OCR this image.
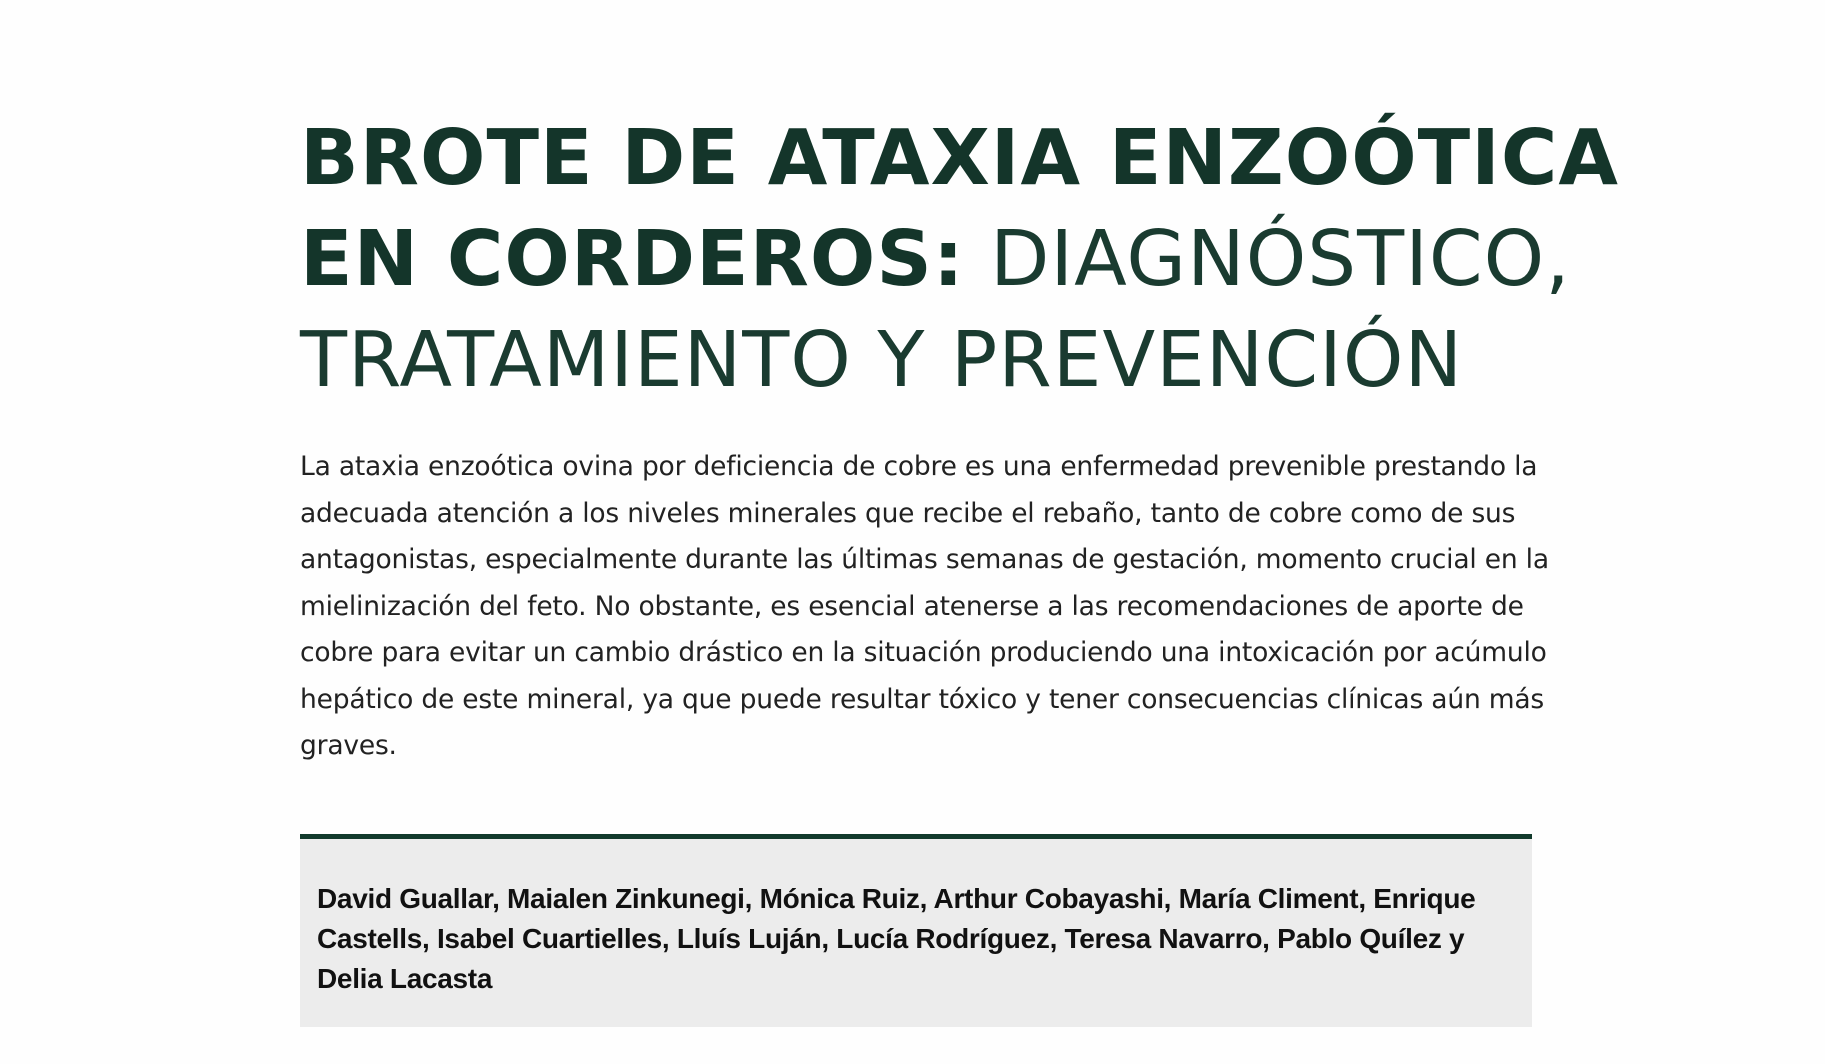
BROTE DE ATAXIA ENZOÓTICA
EN CORDEROS: DIAGNÓSTICO,
TRATAMIENTO Y PREVENCIÓN

La ataxia enzoótica ovina por deficiencia de cobre es una enfermedad prevenible prestando la adecuada atención a los niveles minerales que recibe el rebaño, tanto de cobre como de sus antagonistas, especialmente durante las últimas semanas de gestación, momento crucial en la mielinización del feto. No obstante, es esencial atenerse a las recomendaciones de aporte de cobre para evitar un cambio drástico en la situación produciendo una intoxicación por acúmulo hepático de este mineral, ya que puede resultar tóxico y tener consecuencias clínicas aún más graves.

David Guallar, Maialen Zinkunegi, Mónica Ruiz, Arthur Cobayashi, María Climent, Enrique Castells, Isabel Cuartielles, Lluís Luján, Lucía Rodríguez, Teresa Navarro, Pablo Quílez y Delia Lacasta
